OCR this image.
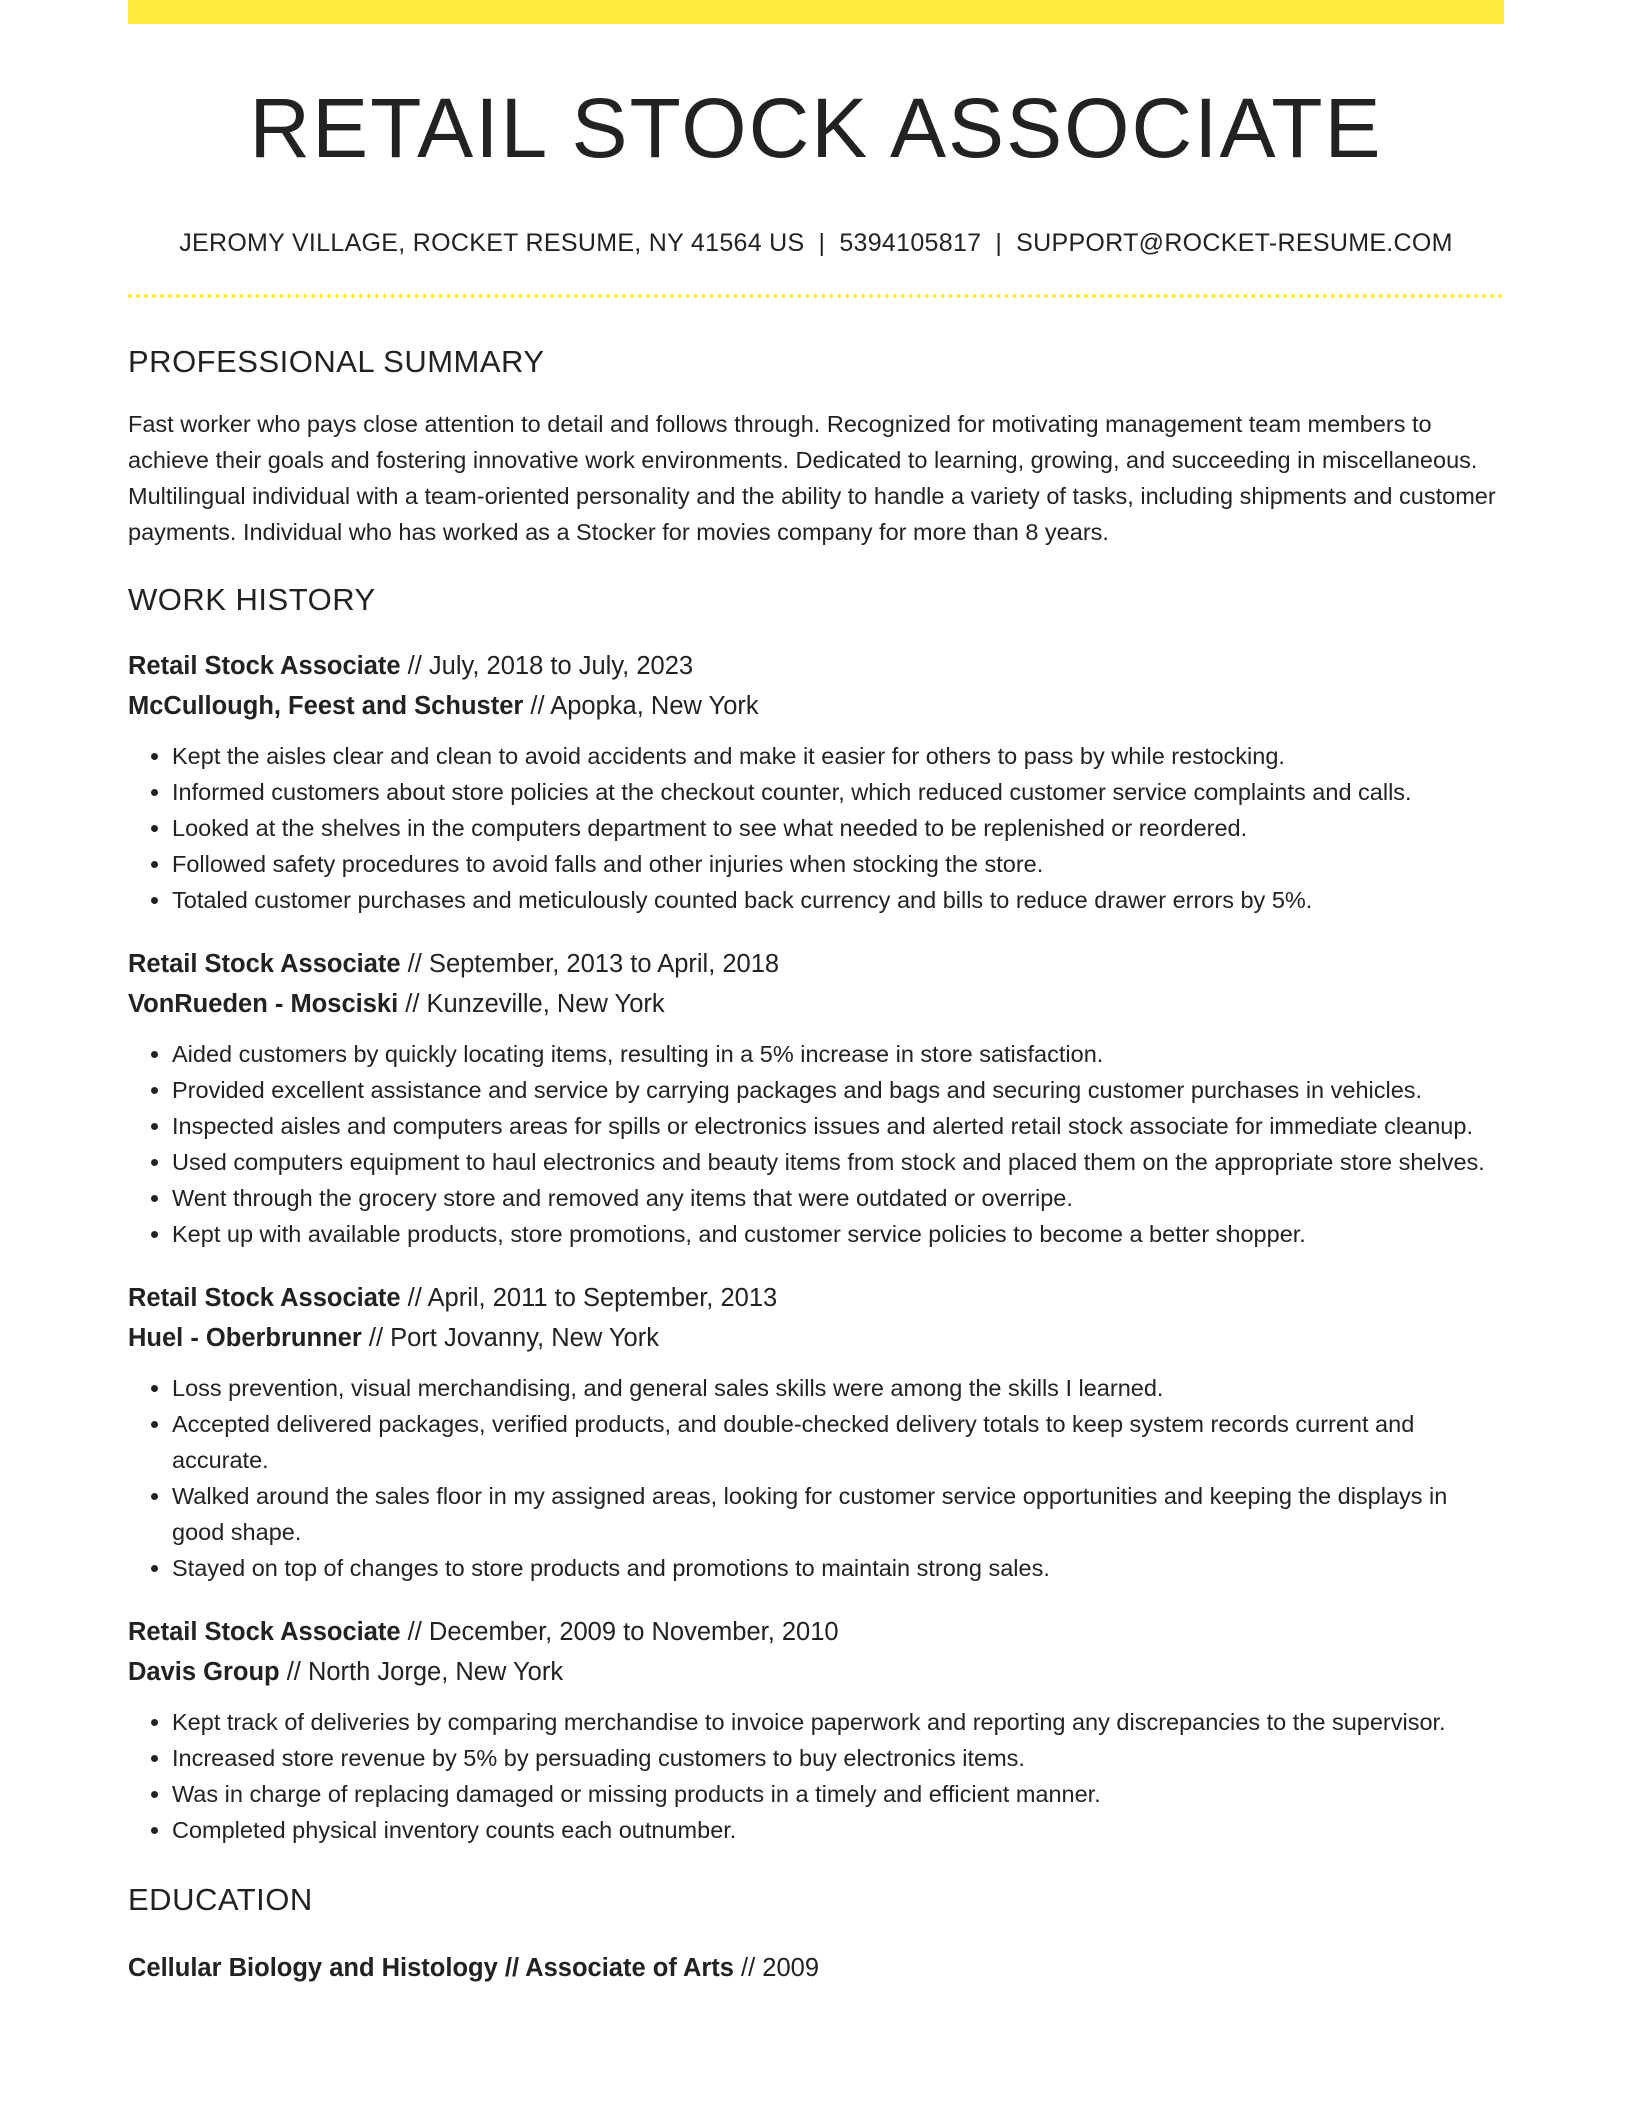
RETAIL STOCK ASSOCIATE
JEROMY VILLAGE, ROCKET RESUME, NY 41564 US | 5394105817 | SUPPORT@ROCKET-RESUME.COM
PROFESSIONAL SUMMARY
Fast worker who pays close attention to detail and follows through. Recognized for motivating management team members to achieve their goals and fostering innovative work environments. Dedicated to learning, growing, and succeeding in miscellaneous. Multilingual individual with a team-oriented personality and the ability to handle a variety of tasks, including shipments and customer payments. Individual who has worked as a Stocker for movies company for more than 8 years.
WORK HISTORY
Retail Stock Associate // July, 2018 to July, 2023
McCullough, Feest and Schuster // Apopka, New York
• Kept the aisles clear and clean to avoid accidents and make it easier for others to pass by while restocking.
• Informed customers about store policies at the checkout counter, which reduced customer service complaints and calls.
• Looked at the shelves in the computers department to see what needed to be replenished or reordered.
• Followed safety procedures to avoid falls and other injuries when stocking the store.
• Totaled customer purchases and meticulously counted back currency and bills to reduce drawer errors by 5%.
Retail Stock Associate // September, 2013 to April, 2018
VonRueden - Mosciski // Kunzeville, New York
• Aided customers by quickly locating items, resulting in a 5% increase in store satisfaction.
• Provided excellent assistance and service by carrying packages and bags and securing customer purchases in vehicles.
• Inspected aisles and computers areas for spills or electronics issues and alerted retail stock associate for immediate cleanup.
• Used computers equipment to haul electronics and beauty items from stock and placed them on the appropriate store shelves.
• Went through the grocery store and removed any items that were outdated or overripe.
• Kept up with available products, store promotions, and customer service policies to become a better shopper.
Retail Stock Associate // April, 2011 to September, 2013
Huel - Oberbrunner // Port Jovanny, New York
• Loss prevention, visual merchandising, and general sales skills were among the skills I learned.
• Accepted delivered packages, verified products, and double-checked delivery totals to keep system records current and accurate.
• Walked around the sales floor in my assigned areas, looking for customer service opportunities and keeping the displays in good shape.
• Stayed on top of changes to store products and promotions to maintain strong sales.
Retail Stock Associate // December, 2009 to November, 2010
Davis Group // North Jorge, New York
• Kept track of deliveries by comparing merchandise to invoice paperwork and reporting any discrepancies to the supervisor.
• Increased store revenue by 5% by persuading customers to buy electronics items.
• Was in charge of replacing damaged or missing products in a timely and efficient manner.
• Completed physical inventory counts each outnumber.
EDUCATION
Cellular Biology and Histology // Associate of Arts // 2009
